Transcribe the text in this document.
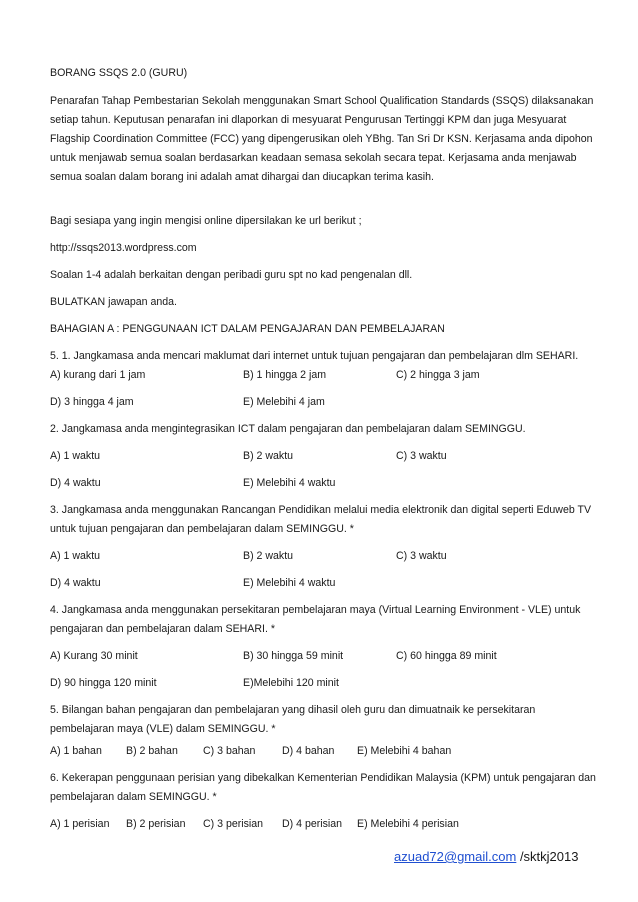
BORANG SSQS 2.0 (GURU)

Penarafan Tahap Pembestarian Sekolah menggunakan Smart School Qualification Standards (SSQS) dilaksanakan setiap tahun. Keputusan penarafan ini dlaporkan di mesyuarat Pengurusan Tertinggi KPM dan juga Mesyuarat Flagship Coordination Committee (FCC) yang dipengerusikan oleh YBhg. Tan Sri Dr KSN. Kerjasama anda dipohon untuk menjawab semua soalan berdasarkan keadaan semasa sekolah secara tepat. Kerjasama anda menjawab semua soalan dalam borang ini adalah amat dihargai dan diucapkan terima kasih.

Bagi sesiapa yang ingin mengisi online dipersilakan ke url berikut ;
http://ssqs2013.wordpress.com
Soalan 1-4 adalah berkaitan dengan peribadi guru spt no kad pengenalan dll.
BULATKAN jawapan anda.
BAHAGIAN A : PENGGUNAAN ICT DALAM PENGAJARAN DAN PEMBELAJARAN

5. 1. Jangkamasa anda mencari maklumat dari internet untuk tujuan pengajaran dan pembelajaran dlm SEHARI.

A) kurang dari 1 jam	B) 1 hingga 2 jam	C) 2 hingga 3 jam
D) 3 hingga 4 jam	E) Melebihi 4 jam

2. Jangkamasa anda mengintegrasikan ICT dalam pengajaran dan pembelajaran dalam SEMINGGU.

A) 1 waktu	B) 2 waktu	C) 3 waktu
D) 4 waktu	E) Melebihi 4 waktu

3. Jangkamasa anda menggunakan Rancangan Pendidikan melalui media elektronik dan digital seperti Eduweb TV untuk tujuan pengajaran dan pembelajaran dalam SEMINGGU. *

A) 1 waktu	B) 2 waktu	C) 3 waktu
D) 4 waktu	E) Melebihi 4 waktu

4. Jangkamasa anda menggunakan persekitaran pembelajaran maya (Virtual Learning Environment - VLE) untuk pengajaran dan pembelajaran dalam SEHARI. *

A) Kurang 30 minit	B) 30 hingga 59 minit	C) 60 hingga 89 minit
D) 90 hingga 120 minit	E)Melebihi 120 minit

5. Bilangan bahan pengajaran dan pembelajaran yang dihasil oleh guru dan dimuatnaik ke persekitaran pembelajaran maya (VLE) dalam SEMINGGU. *

A) 1 bahan B) 2 bahan C) 3 bahan	D) 4 bahan E) Melebihi 4 bahan

6. Kekerapan penggunaan perisian yang dibekalkan Kementerian Pendidikan Malaysia (KPM) untuk pengajaran dan pembelajaran dalam SEMINGGU. *

A) 1 perisian B) 2 perisian C) 3 perisian D) 4 perisian E) Melebihi 4 perisian
azuad72@gmail.com /sktkj2013
